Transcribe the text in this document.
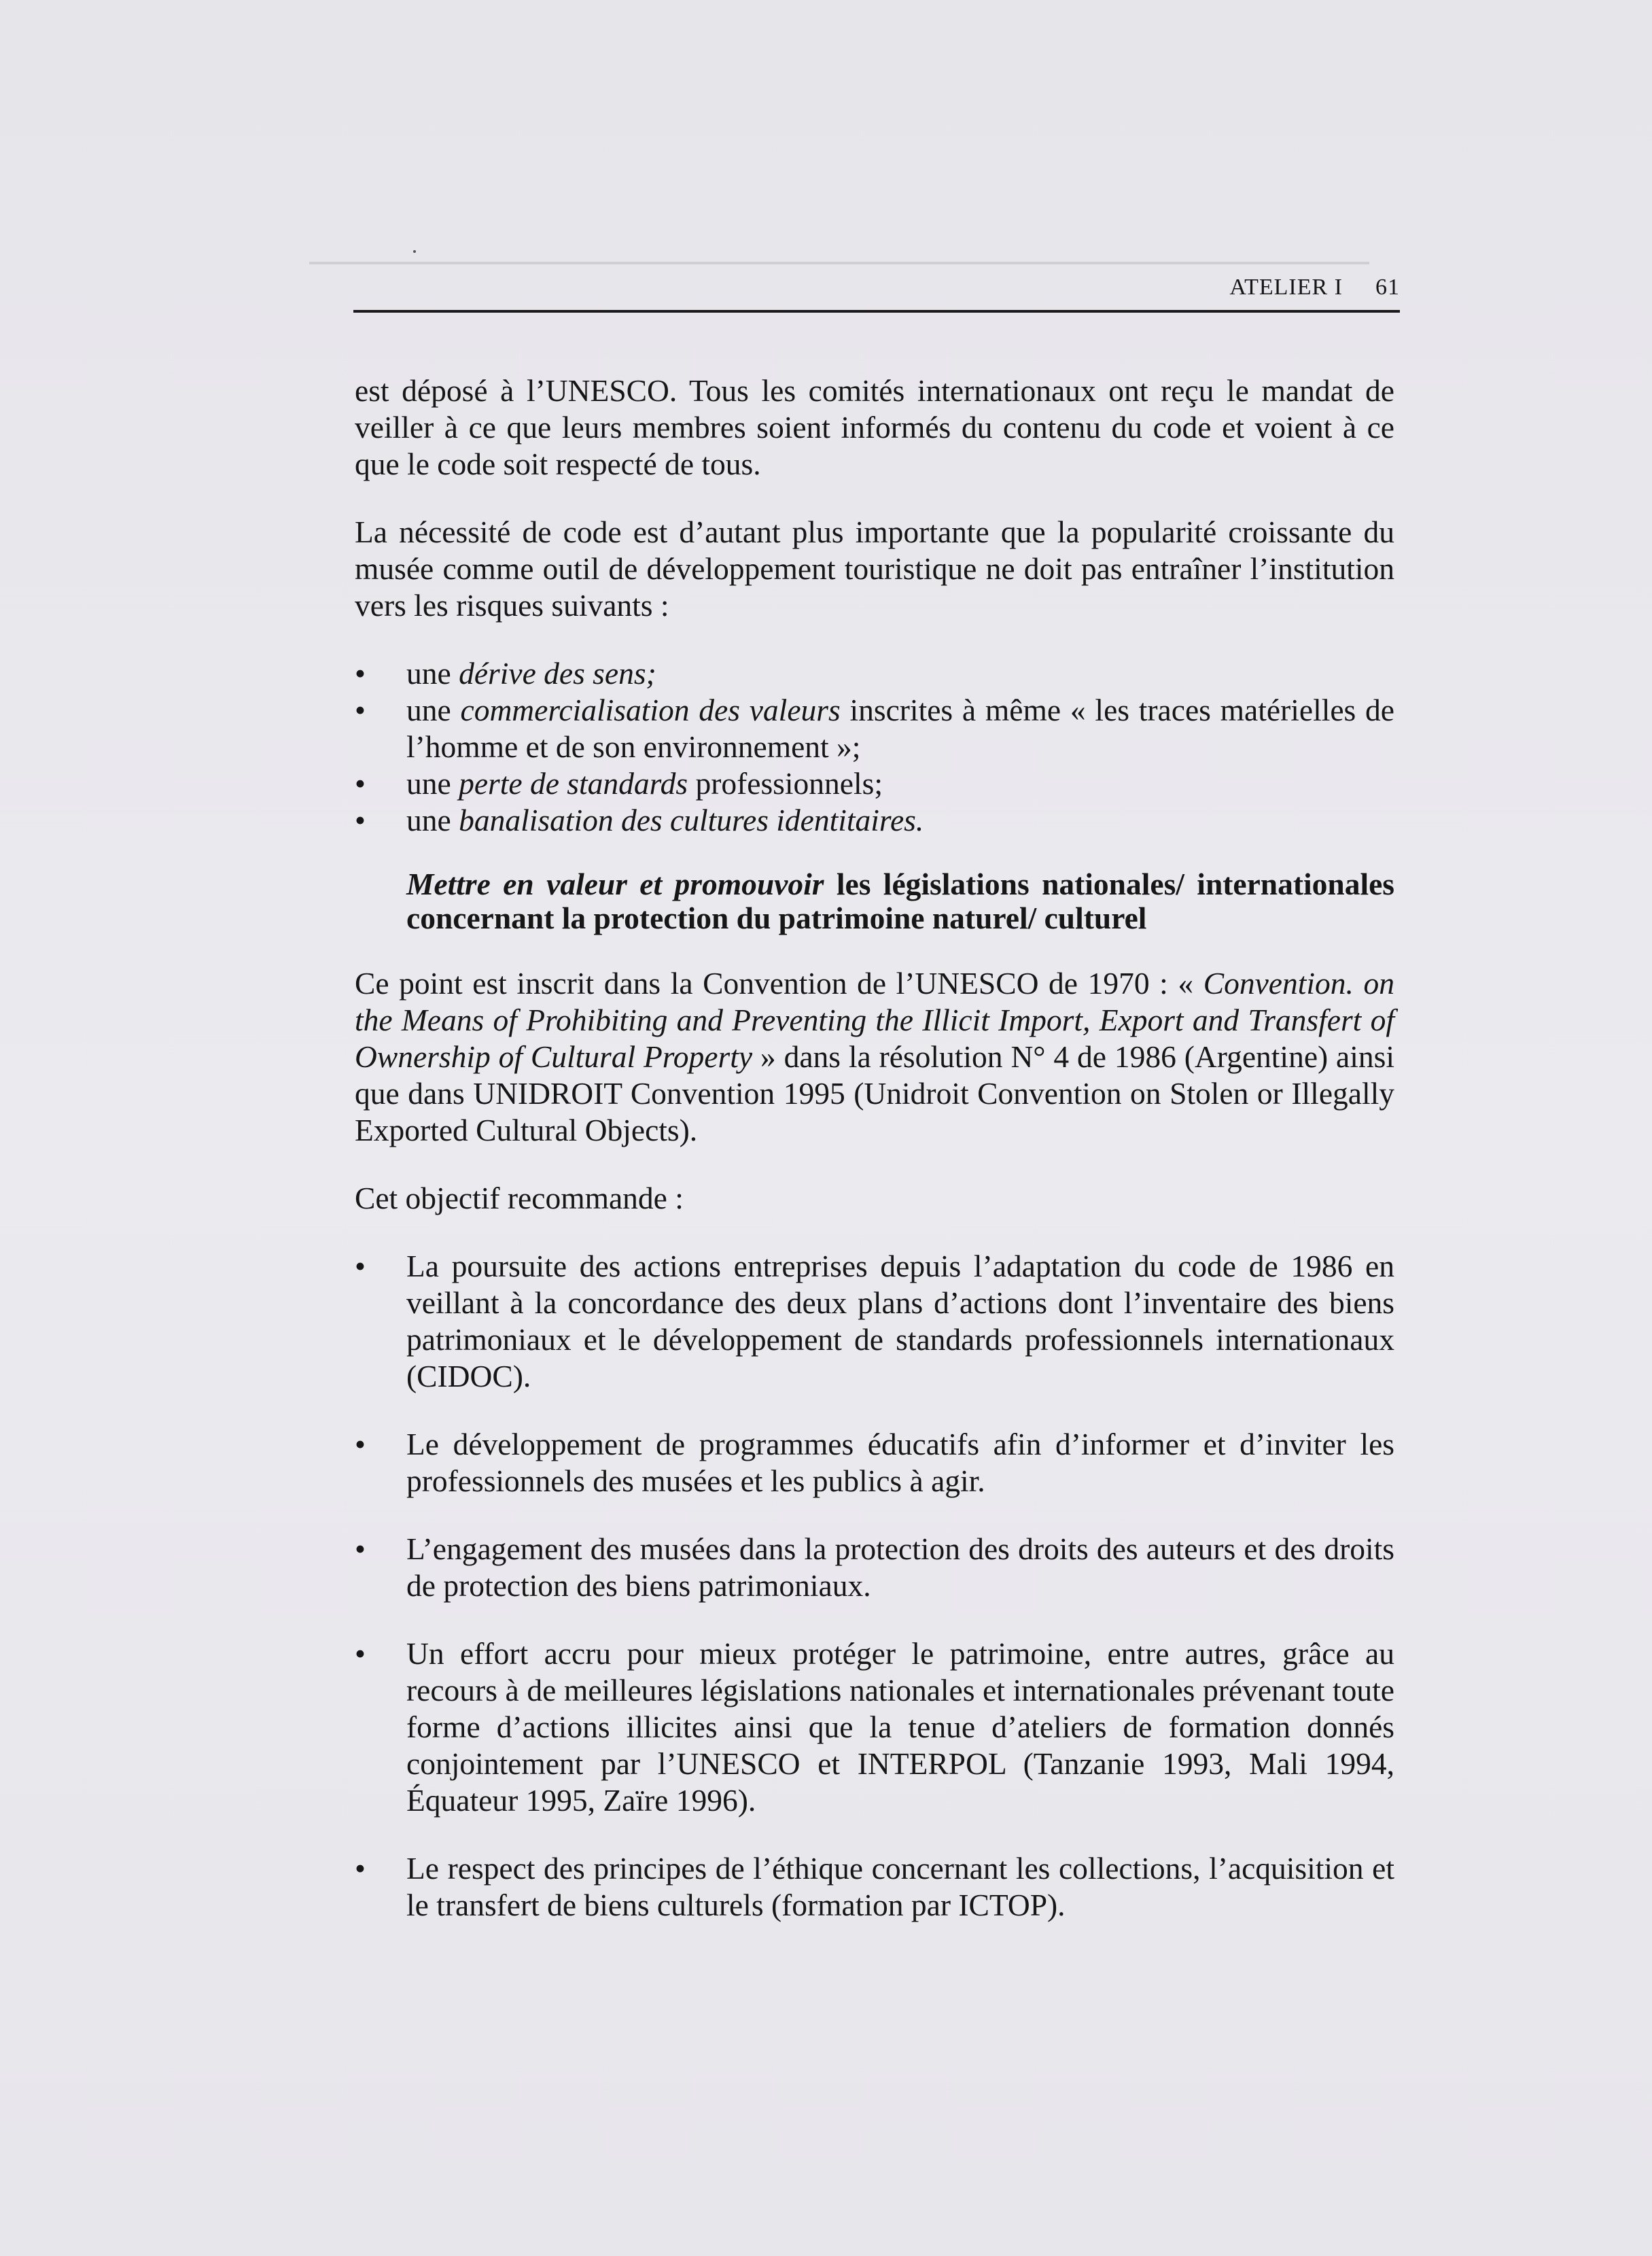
ATELIER I 61

est déposé à l’UNESCO. Tous les comités internationaux ont reçu le mandat de veiller à ce que leurs membres soient informés du contenu du code et voient à ce que le code soit respecté de tous.

La nécessité de code est d’autant plus importante que la popularité croissante du musée comme outil de développement touristique ne doit pas entraîner l’institution vers les risques suivants :

• une dérive des sens;
• une commercialisation des valeurs inscrites à même « les traces matérielles de l’homme et de son environnement »;
• une perte de standards professionnels;
• une banalisation des cultures identitaires.
Mettre en valeur et promouvoir les législations nationales/ internationales concernant la protection du patrimoine naturel/ culturel

Ce point est inscrit dans la Convention de l’UNESCO de 1970 : « Convention. on the Means of Prohibiting and Preventing the Illicit Import, Export and Transfert of Ownership of Cultural Property » dans la résolution N° 4 de 1986 (Argentine) ainsi que dans UNIDROIT Convention 1995 (Unidroit Convention on Stolen or Illegally Exported Cultural Objects).

Cet objectif recommande :

• La poursuite des actions entreprises depuis l’adaptation du code de 1986 en veillant à la concordance des deux plans d’actions dont l’inventaire des biens patrimoniaux et le développement de standards professionnels internationaux (CIDOC).
• Le développement de programmes éducatifs afin d’informer et d’inviter les professionnels des musées et les publics à agir.
• L’engagement des musées dans la protection des droits des auteurs et des droits de protection des biens patrimoniaux.
• Un effort accru pour mieux protéger le patrimoine, entre autres, grâce au recours à de meilleures législations nationales et internationales prévenant toute forme d’actions illicites ainsi que la tenue d’ateliers de formation donnés conjointement par l’UNESCO et INTERPOL (Tanzanie 1993, Mali 1994, Équateur 1995, Zaïre 1996).
• Le respect des principes de l’éthique concernant les collections, l’acquisition et le transfert de biens culturels (formation par ICTOP).
